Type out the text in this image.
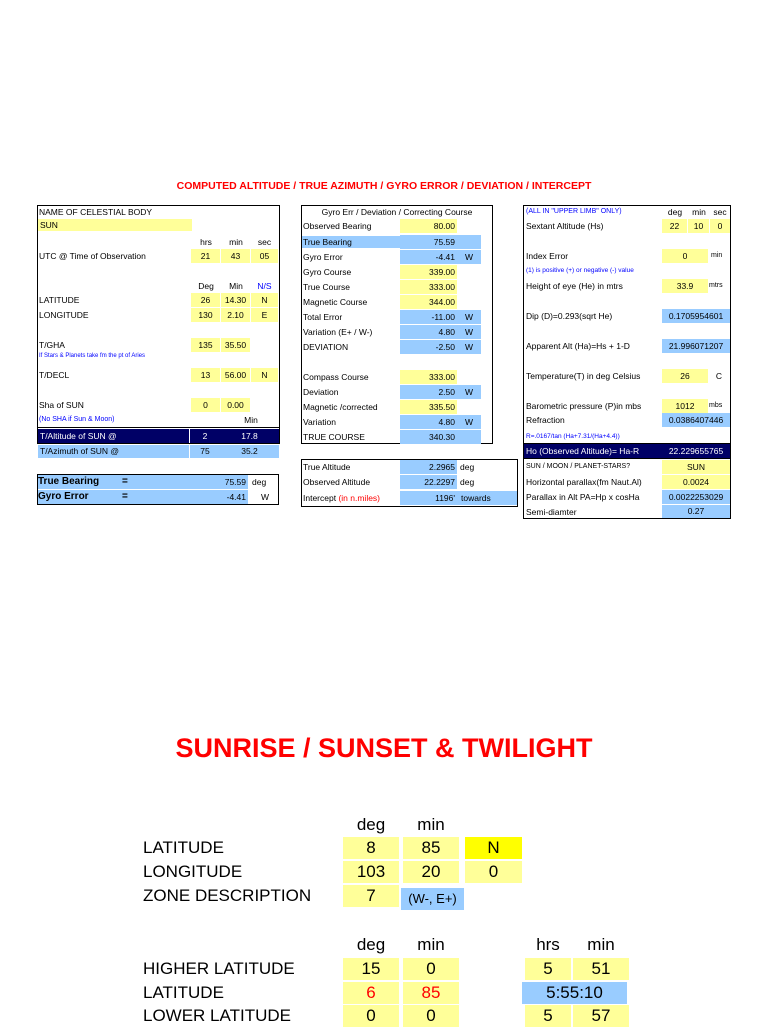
COMPUTED ALTITUDE / TRUE AZIMUTH / GYRO ERROR / DEVIATION / INTERCEPT
NAME OF CELESTIAL BODY
SUN
hrs	min	sec
UTC @ Time of Observation	21	43	05
Deg	Min	N/S
LATITUDE	26	14.30	N
LONGITUDE	130	2.10	E
T/GHA	135	35.50
If Stars & Planets take fm the pt of Aries
T/DECL	13	56.00	N
Sha of SUN	0	0.00
(No SHA if Sun & Moon)	Min
T/Altitude of SUN @	2	17.8
T/Azimuth of SUN @	75	35.2
True Bearing =	75.59 deg
Gyro Error	=	-4.41	W
Gyro Err / Deviation / Correcting Course
Observed Bearing	80.00
True Bearing	75.59
Gyro Error	-4.41	W
Gyro Course	339.00
True Course	333.00
Magnetic Course	344.00
Total Error	-11.00	W
Variation (E+ / W-)	4.80	W
DEVIATION	-2.50	W
Compass Course	333.00
Deviation	2.50	W
Magnetic /corrected	335.50
Variation	4.80	W
TRUE COURSE	340.30
True Altitude	2.2965 deg
Observed Altitude	22.2297 deg
Intercept (in n.miles)	1196' towards
(ALL IN "UPPER LIMB" ONLY)	deg	min sec
Sextant Altitude (Hs)	22	10	0
Index Error	0	min
(1) is positive (+) or negative (-) value
Height of eye (He) in mtrs	33.9	mtrs
Dip (D)=0.293(sqrt He)	0.1705954601
Apparent Alt (Ha)=Hs + 1-D	21.996071207
Temperature(T) in deg Celsius	26	C
Barometric pressure (P)in mbs	1012	mbs
Refraction	0.0386407446
R=.0167/tan (Ha+7.31/(Ha+4.4))
Ho (Observed Altitude)= Ha-R	22.229655765
SUN / MOON / PLANET-STARS?	SUN
Horizontal parallax(fm Naut.Al)	0.0024
Parallax in Alt PA=Hp x cosHa	0.0022253029
Semi-diamter	0.27
SUNRISE / SUNSET & TWILIGHT
deg	min
LATITUDE	8	85	N
LONGITUDE	103	20	0
ZONE DESCRIPTION	7	(W-, E+)
deg	min	hrs	min
HIGHER LATITUDE	15	0	5	51
LATITUDE	6	85	5:55:10
LOWER LATITUDE	0	0	5	57
